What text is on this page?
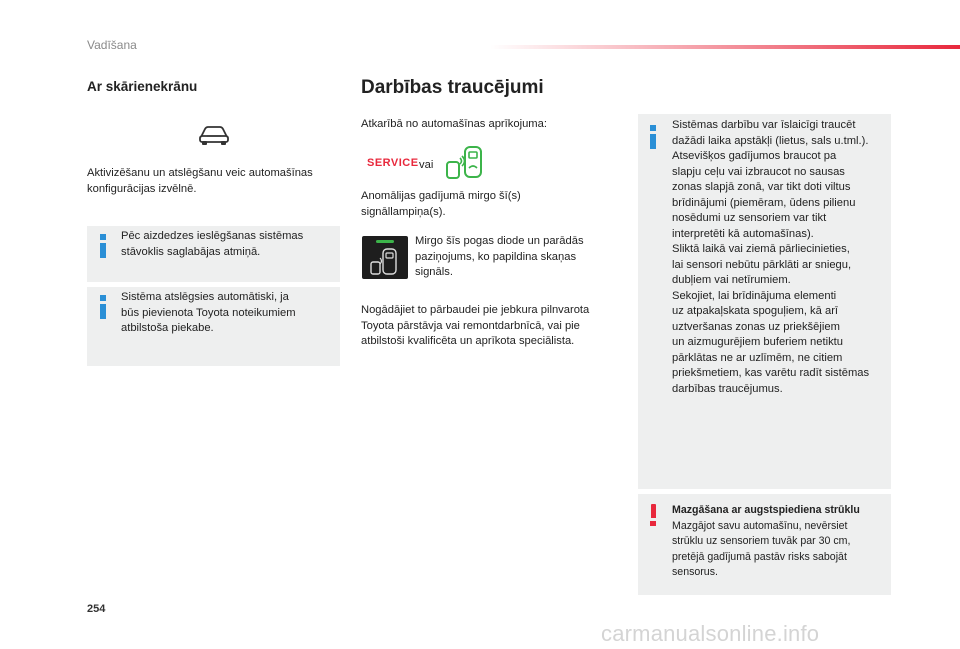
Vadīšana
Ar skārienekrānu
Aktivizēšanu un atslēgšanu veic automašīnas
konfigurācijas izvēlnē.
Pēc aizdedzes ieslēgšanas sistēmas
stāvoklis saglabājas atmiņā.
Sistēma atslēgsies automātiski, ja
būs pievienota Toyota noteikumiem
atbilstoša piekabe.
Darbības traucējumi
Atkarībā no automašīnas aprīkojuma:
SERVICE vai
Anomālijas gadījumā mirgo šī(s)
signāllampiņa(s).
Mirgo šīs pogas diode un parādās
paziņojums, ko papildina skaņas
signāls.
Nogādājiet to pārbaudei pie jebkura pilnvarota
Toyota pārstāvja vai remontdarbnīcā, vai pie
atbilstoši kvalificēta un aprīkota speciālista.
Sistēmas darbību var īslaicīgi traucēt
dažādi laika apstākļi (lietus, sals u.tml.).
Atsevišķos gadījumos braucot pa
slapju ceļu vai izbraucot no sausas
zonas slapjā zonā, var tikt doti viltus
brīdinājumi (piemēram, ūdens pilienu
nosēdumi uz sensoriem var tikt
interpretēti kā automašīnas).
Sliktā laikā vai ziemā pārliecinieties,
lai sensori nebūtu pārklāti ar sniegu,
dubļiem vai netīrumiem.
Sekojiet, lai brīdinājuma elementi
uz atpakaļskata spoguļiem, kā arī
uztveršanas zonas uz priekšējiem
un aizmugurējiem buferiem netiktu
pārklātas ne ar uzlīmēm, ne citiem
priekšmetiem, kas varētu radīt sistēmas
darbības traucējumus.
Mazgāšana ar augstspiediena strūklu
Mazgājot savu automašīnu, nevērsiet
strūklu uz sensoriem tuvāk par 30 cm,
pretējā gadījumā pastāv risks sabojāt
sensorus.
254
carmanualsonline.info
